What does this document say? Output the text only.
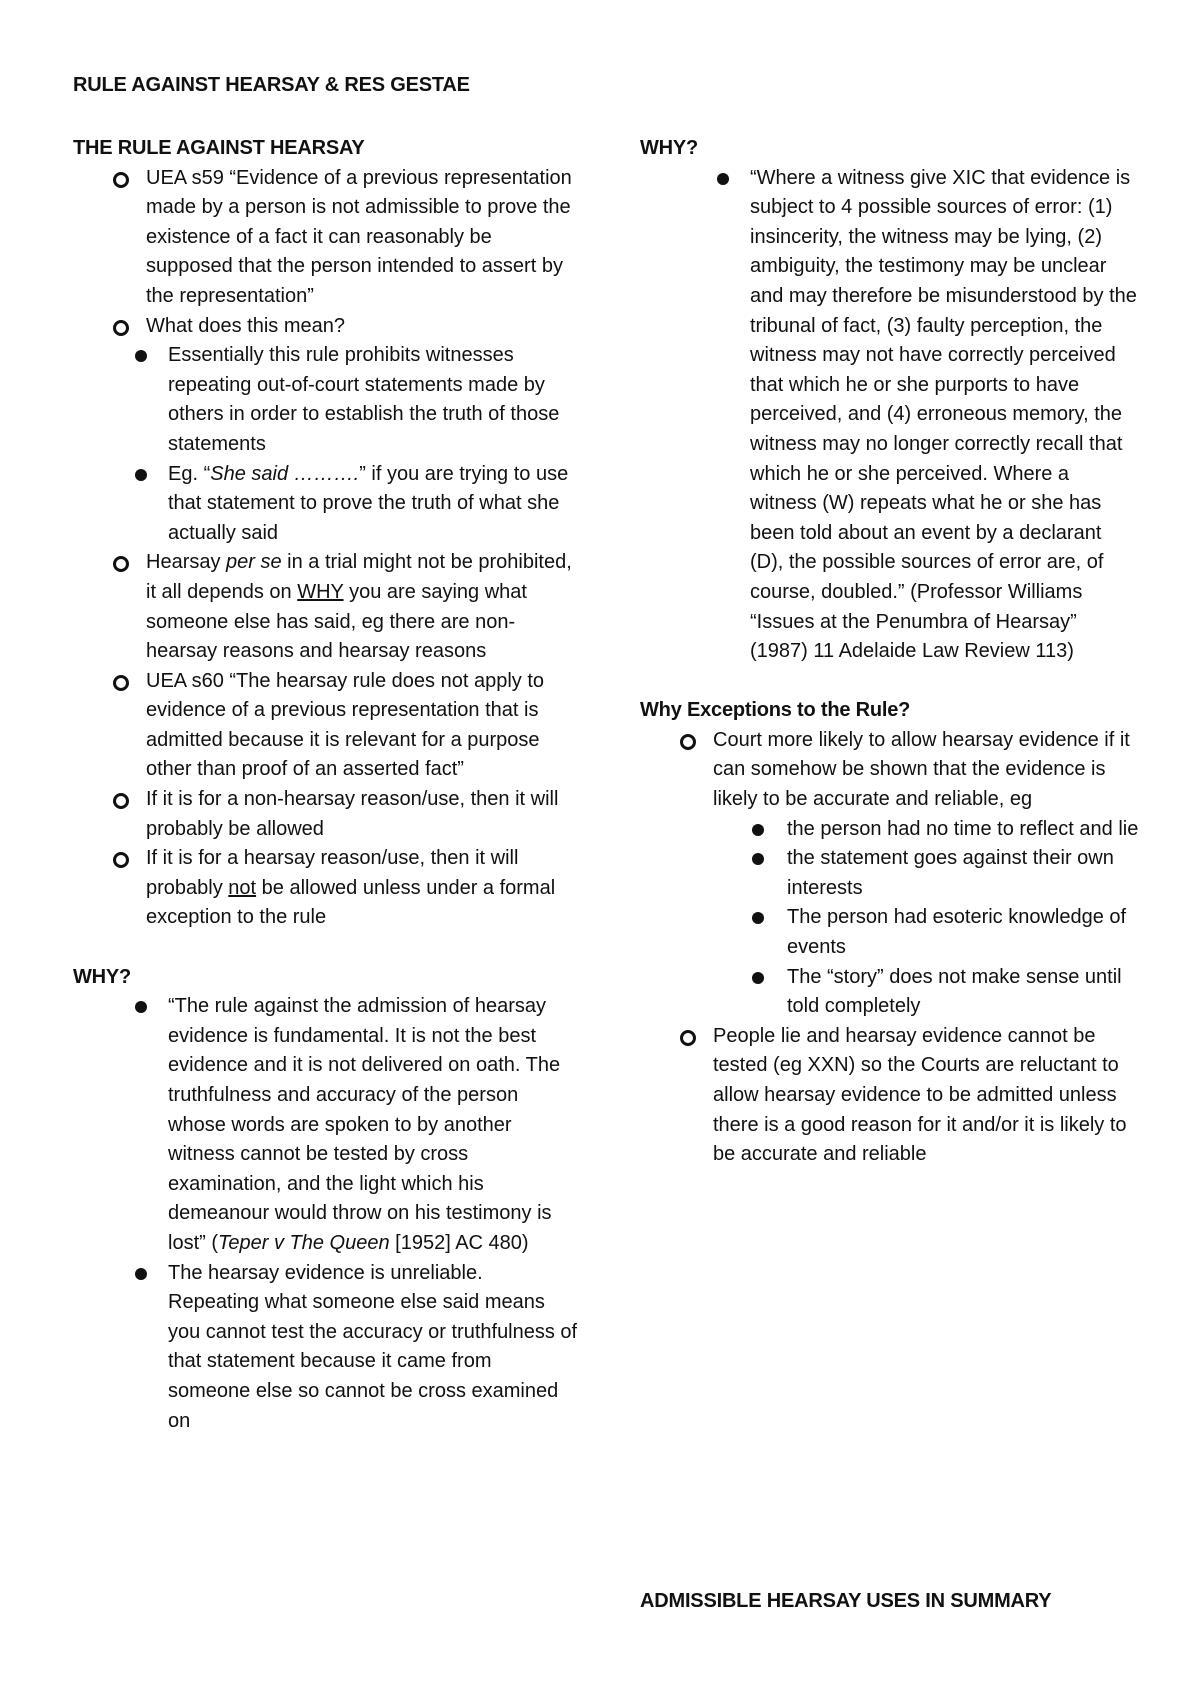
RULE AGAINST HEARSAY & RES GESTAE
THE RULE AGAINST HEARSAY
UEA s59 “Evidence of a previous representation made by a person is not admissible to prove the existence of a fact it can reasonably be supposed that the person intended to assert by the representation”
What does this mean?
Essentially this rule prohibits witnesses repeating out-of-court statements made by others in order to establish the truth of those statements
Eg. “She said ……….” if you are trying to use that statement to prove the truth of what she actually said
Hearsay per se in a trial might not be prohibited, it all depends on WHY you are saying what someone else has said, eg there are non-hearsay reasons and hearsay reasons
UEA s60 “The hearsay rule does not apply to evidence of a previous representation that is admitted because it is relevant for a purpose other than proof of an asserted fact”
If it is for a non-hearsay reason/use, then it will probably be allowed
If it is for a hearsay reason/use, then it will probably not be allowed unless under a formal exception to the rule
WHY?
“The rule against the admission of hearsay evidence is fundamental. It is not the best evidence and it is not delivered on oath. The truthfulness and accuracy of the person whose words are spoken to by another witness cannot be tested by cross examination, and the light which his demeanour would throw on his testimony is lost” (Teper v The Queen [1952] AC 480)
The hearsay evidence is unreliable. Repeating what someone else said means you cannot test the accuracy or truthfulness of that statement because it came from someone else so cannot be cross examined on
WHY?
“Where a witness give XIC that evidence is subject to 4 possible sources of error: (1) insincerity, the witness may be lying, (2) ambiguity, the testimony may be unclear and may therefore be misunderstood by the tribunal of fact, (3) faulty perception, the witness may not have correctly perceived that which he or she purports to have perceived, and (4) erroneous memory, the witness may no longer correctly recall that which he or she perceived. Where a witness (W) repeats what he or she has been told about an event by a declarant (D), the possible sources of error are, of course, doubled.” (Professor Williams “Issues at the Penumbra of Hearsay” (1987) 11 Adelaide Law Review 113)
Why Exceptions to the Rule?
Court more likely to allow hearsay evidence if it can somehow be shown that the evidence is likely to be accurate and reliable, eg
the person had no time to reflect and lie
the statement goes against their own interests
The person had esoteric knowledge of events
The “story” does not make sense until told completely
People lie and hearsay evidence cannot be tested (eg XXN) so the Courts are reluctant to allow hearsay evidence to be admitted unless there is a good reason for it and/or it is likely to be accurate and reliable
ADMISSIBLE HEARSAY USES IN SUMMARY
